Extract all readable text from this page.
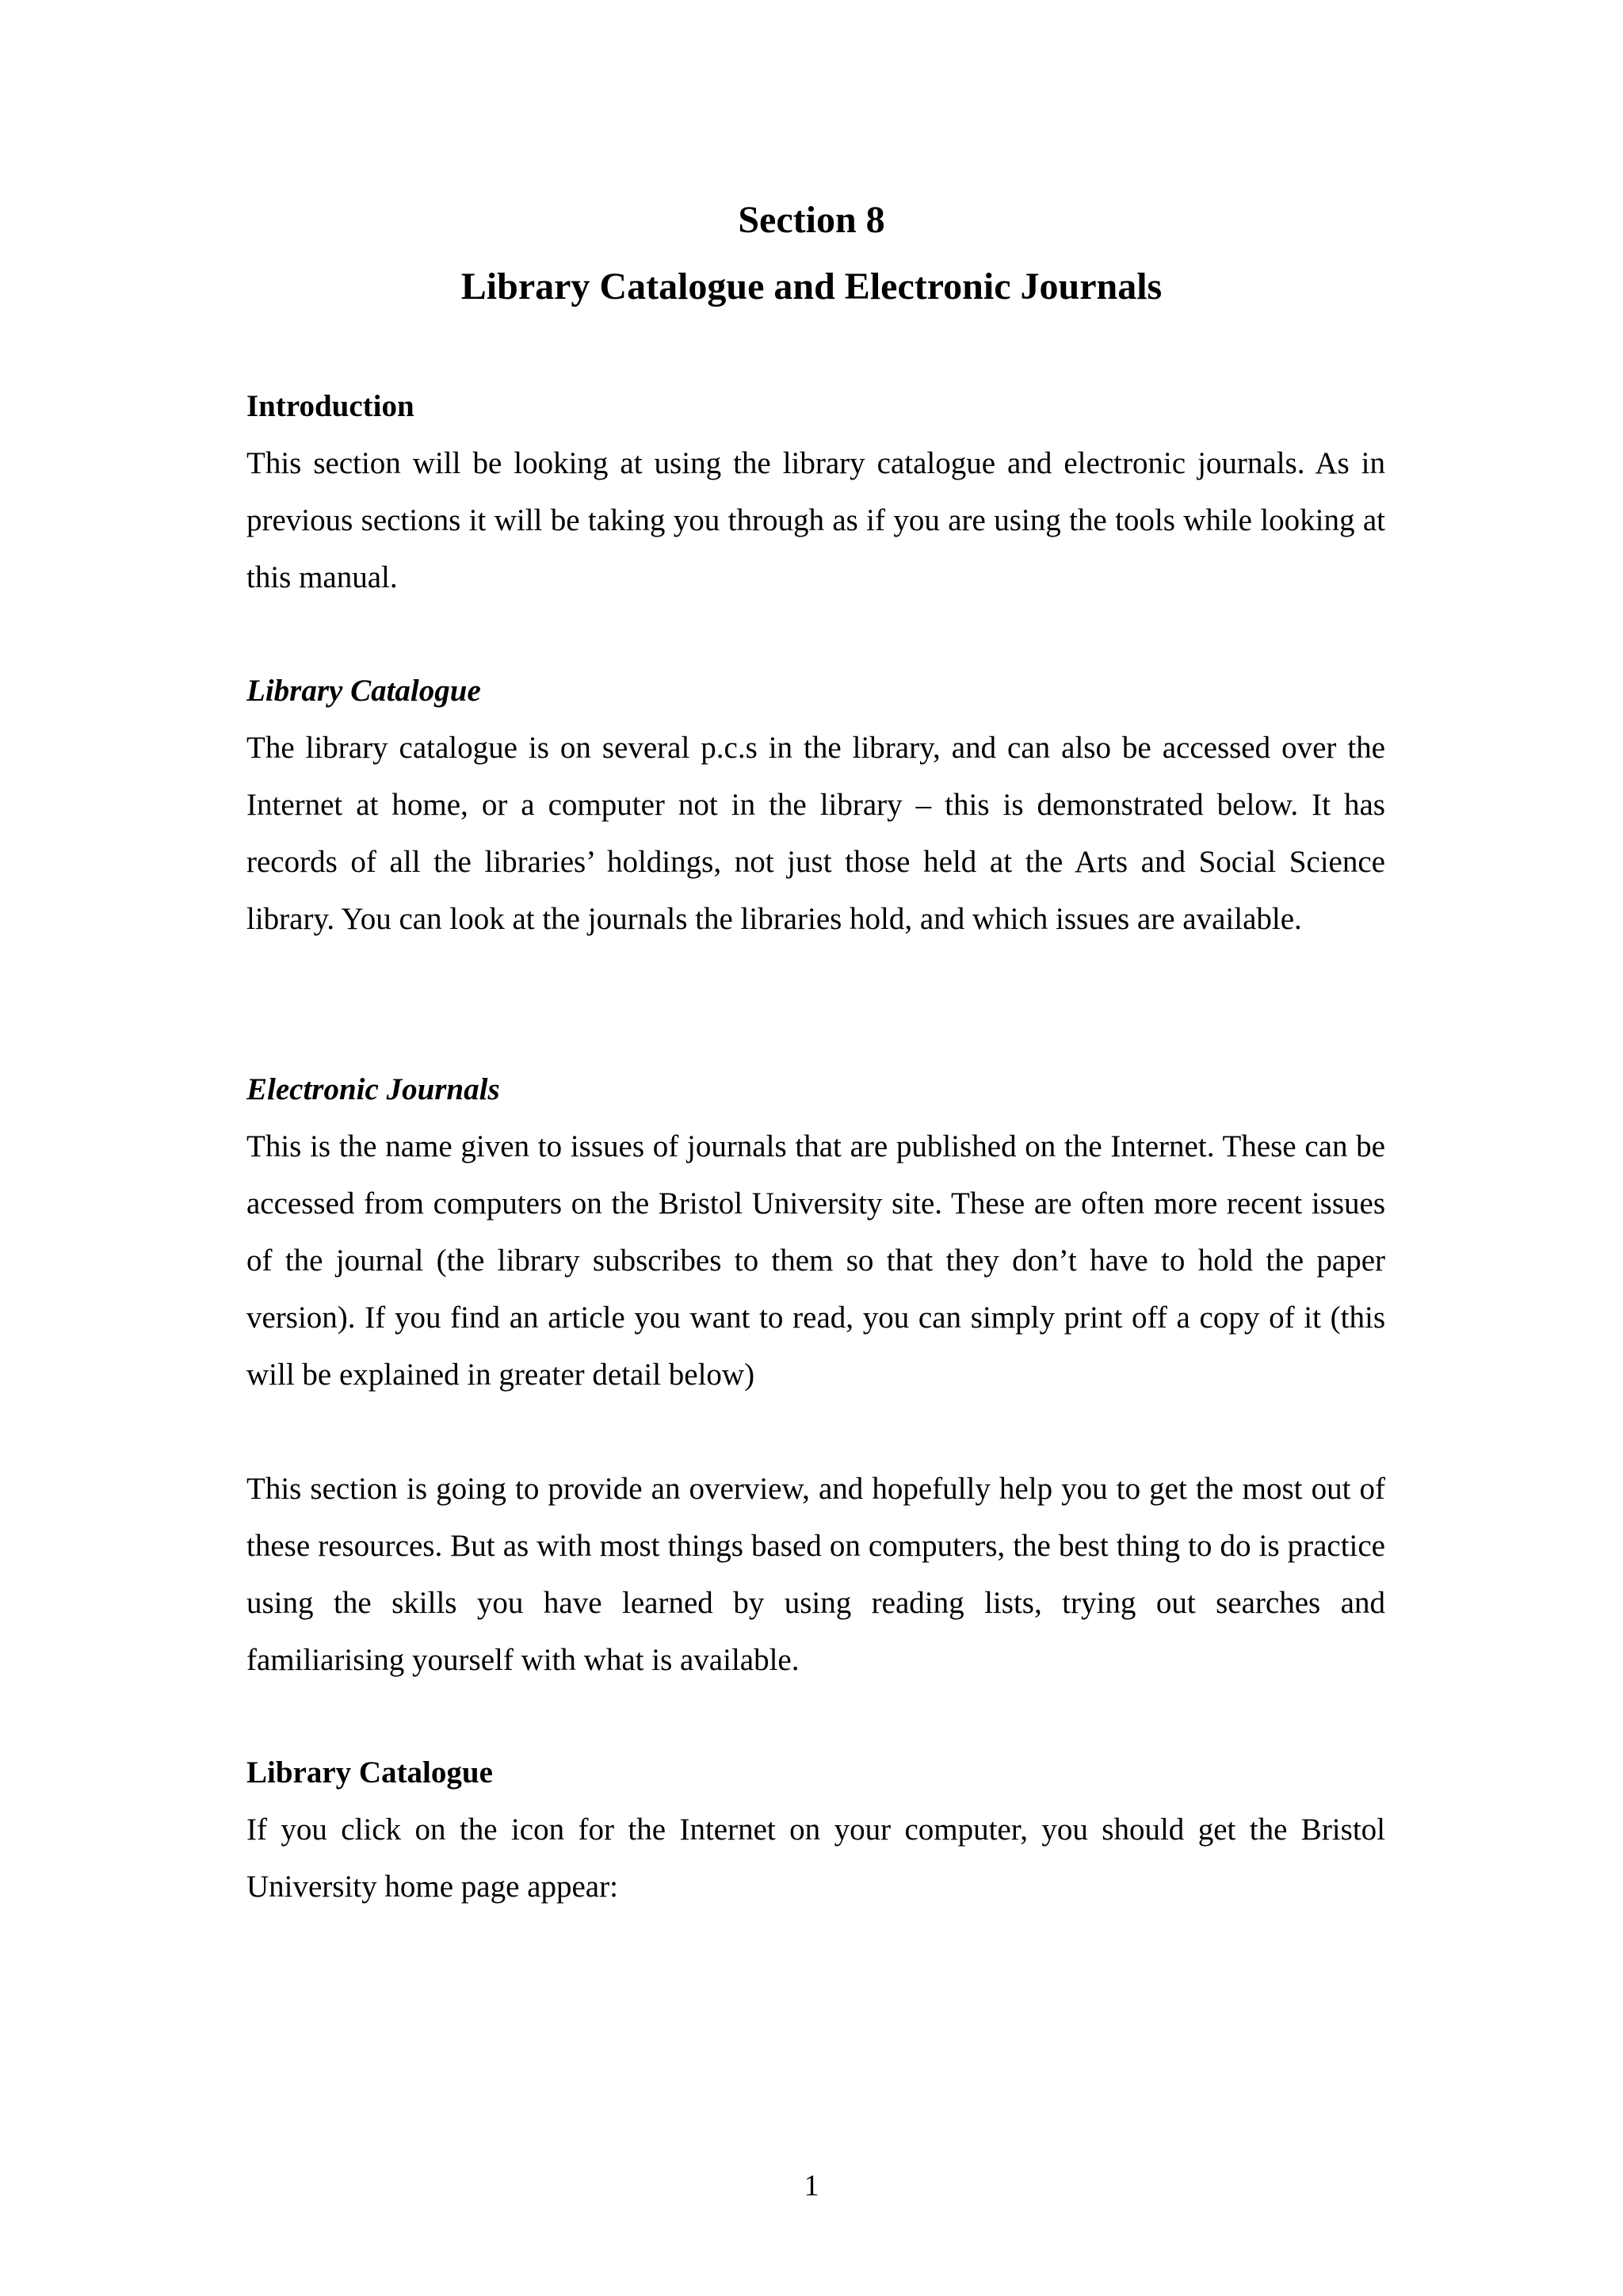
Section 8
Library Catalogue and Electronic Journals

Introduction

This section will be looking at using the library catalogue and electronic journals. As in previous sections it will be taking you through as if you are using the tools while looking at this manual.

Library Catalogue

The library catalogue is on several p.c.s in the library, and can also be accessed over the Internet at home, or a computer not in the library – this is demonstrated below. It has records of all the libraries’ holdings, not just those held at the Arts and Social Science library. You can look at the journals the libraries hold, and which issues are available.

Electronic Journals

This is the name given to issues of journals that are published on the Internet. These can be accessed from computers on the Bristol University site. These are often more recent issues of the journal (the library subscribes to them so that they don’t have to hold the paper version). If you find an article you want to read, you can simply print off a copy of it (this will be explained in greater detail below)

This section is going to provide an overview, and hopefully help you to get the most out of these resources. But as with most things based on computers, the best thing to do is practice using the skills you have learned by using reading lists, trying out searches and familiarising yourself with what is available.

Library Catalogue

If you click on the icon for the Internet on your computer, you should get the Bristol University home page appear:

1
